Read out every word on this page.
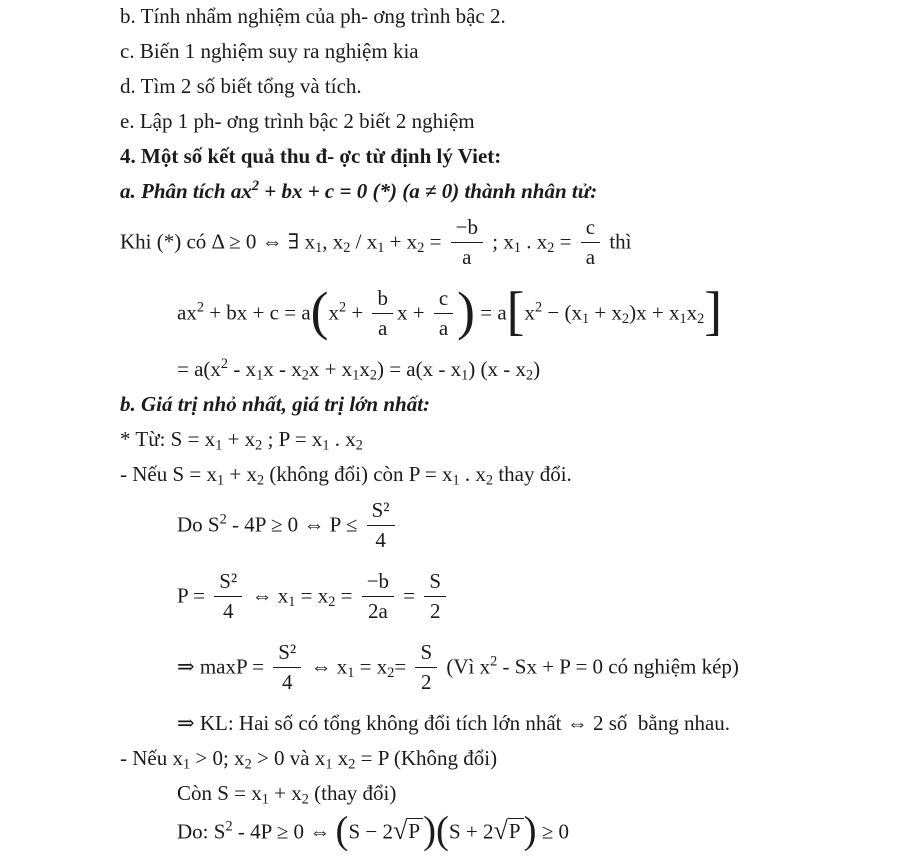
b. Tính nhẩm nghiệm của ph- ơng trình bậc 2.
c. Biến 1 nghiệm suy ra nghiệm kia
d. Tìm 2 số biết tổng và tích.
e. Lập 1 ph- ơng trình bậc 2 biết 2 nghiệm
4. Một số kết quả thu đ- ợc từ định lý Viet:
a. Phân tích $ax^2$ + bx + c = 0 (*) (a ≠ 0) thành nhân tử:
Khi (*) có Δ ≥ 0 ⇔ ∃ $x_1$, $x_2 / x_1 + x_2 = \frac{-b}{a}$ ; $x_1$ . $x_2 = \frac{c}{a}$ thì
$ax^2$ + bx + $c = a(x^2 + \frac{b}{a}$ $x + \frac{c}{a}$ ) = $a[x^2 - (x_1 + x_2)x + x_1x_2]$
= $a(x^2 - x_1x - x_2x + x_1x_2) = a(x - x_1)$ $(x - x_2)$
b. Giá trị nhỏ nhất, giá trị lớn nhất:
* Từ: $S = x_1 + x_2$ ; $P = x_1$ . $x_2$
- Nếu $S = x_1 + x_2$ (không đổi) còn $P = x_1$ . $x_2$ thay đổi.
Do $S^2 - 4P \ge 0$ ⇔ $P \le \frac{\text{S²}}{4}$
$P = \frac{\text{S²}}{4}$ ⇔ $x_1 = x_2 = \frac{-b}{2a} = \frac{S}{2}$
⇒ $\max P = \frac{\text{S²}}{4}$ ⇔ $x_1 = x_2= \frac{S}{2}$ (Vì $x^2 - Sx + P = 0$ có nghiệm kép)
⇒ KL: Hai số có tổng không đổi tích lớn nhất ⇔ 2 số  bằng nhau.
- Nếu $x_1 > 0$; $x_2 > 0$ và $x_1$ $x_2 = P$ (Không đổi)
Còn $S = x_1 + x_2$ (thay đổi)
Do: $S^2 - 4P \ge 0$ ⇔ (S − 2√P)(S + 2√P) ≥ 0
